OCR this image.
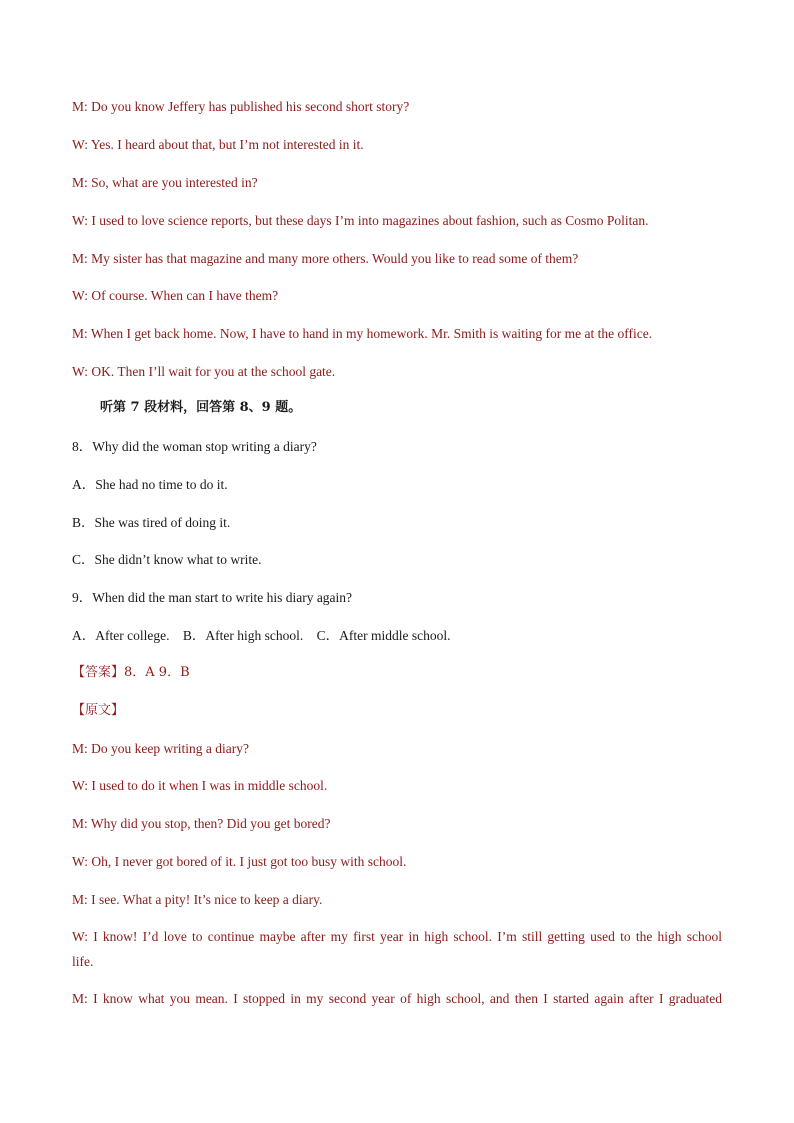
M: Do you know Jeffery has published his second short story?
W: Yes. I heard about that, but I’m not interested in it.
M: So, what are you interested in?
W: I used to love science reports, but these days I’m into magazines about fashion, such as Cosmo Politan.
M: My sister has that magazine and many more others. Would you like to read some of them?
W: Of course. When can I have them?
M: When I get back home. Now, I have to hand in my homework. Mr. Smith is waiting for me at the office.
W: OK. Then I’ll wait for you at the school gate.
听第 7 段材料，回答第 8、9 题。
8．Why did the woman stop writing a diary?
A．She had no time to do it.
B．She was tired of doing it.
C．She didn’t know what to write.
9．When did the man start to write his diary again?
A．After college. B．After high school. C．After middle school.
【答案】8．A 9．B
【原文】
M: Do you keep writing a diary?
W: I used to do it when I was in middle school.
M: Why did you stop, then? Did you get bored?
W: Oh, I never got bored of it. I just got too busy with school.
M: I see. What a pity! It’s nice to keep a diary.
W: I know! I’d love to continue maybe after my first year in high school. I’m still getting used to the high school
life.
M: I know what you mean. I stopped in my second year of high school, and then I started again after I graduated
